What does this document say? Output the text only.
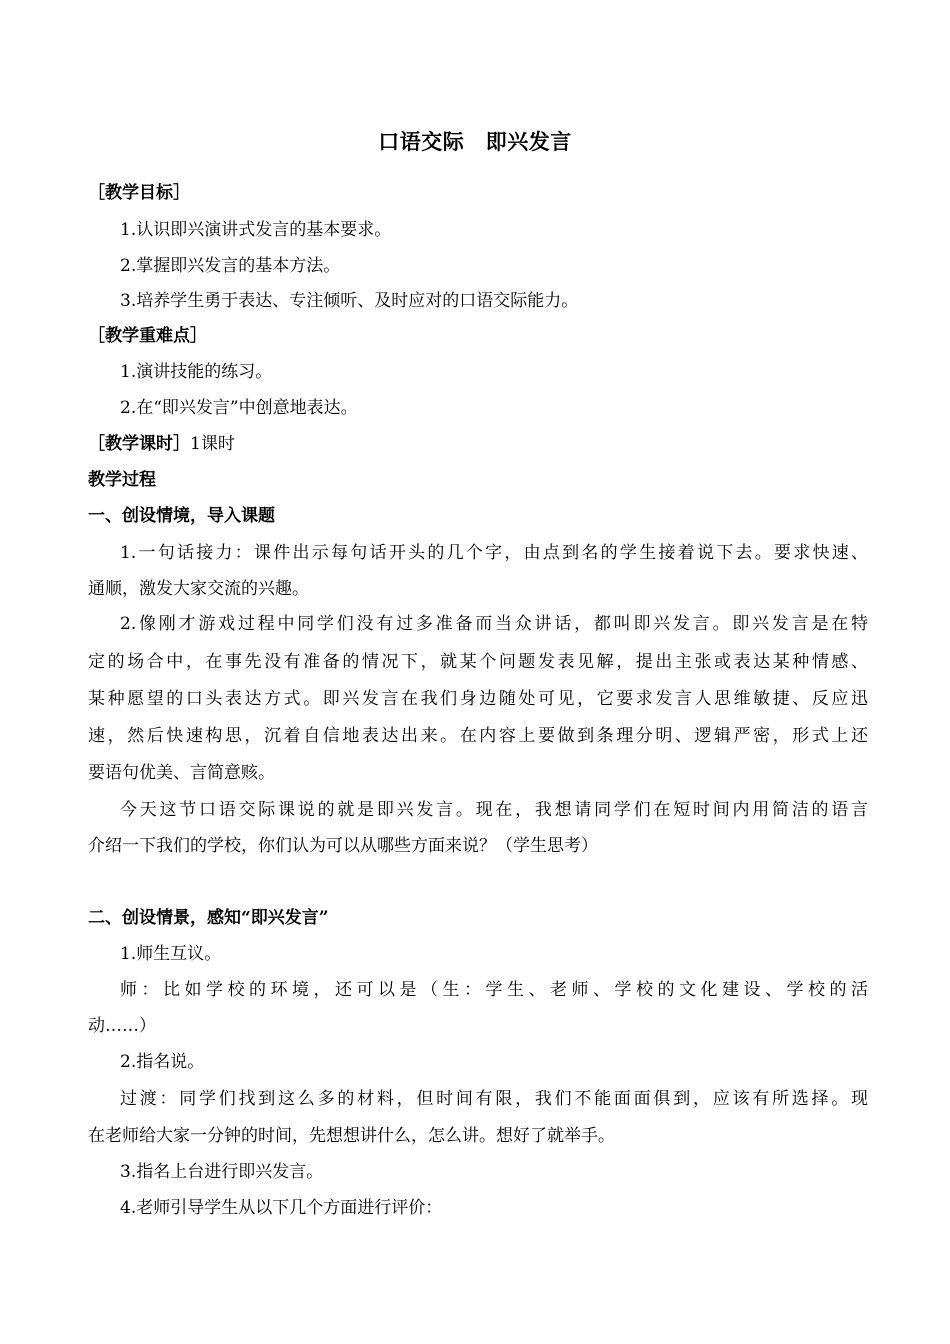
口语交际　即兴发言
［教学目标］
1.认识即兴演讲式发言的基本要求。
2.掌握即兴发言的基本方法。
3.培养学生勇于表达、专注倾听、及时应对的口语交际能力。
［教学重难点］
1.演讲技能的练习。
2.在“即兴发言”中创意地表达。
［教学课时］1课时
教学过程
一、创设情境，导入课题
1.一句话接力：课件出示每句话开头的几个字，由点到名的学生接着说下去。要求快速、
通顺，激发大家交流的兴趣。
2.像刚才游戏过程中同学们没有过多准备而当众讲话，都叫即兴发言。即兴发言是在特
定的场合中，在事先没有准备的情况下，就某个问题发表见解，提出主张或表达某种情感、
某种愿望的口头表达方式。即兴发言在我们身边随处可见，它要求发言人思维敏捷、反应迅
速，然后快速构思，沉着自信地表达出来。在内容上要做到条理分明、逻辑严密，形式上还
要语句优美、言简意赅。
今天这节口语交际课说的就是即兴发言。现在，我想请同学们在短时间内用简洁的语言
介绍一下我们的学校，你们认为可以从哪些方面来说？（学生思考）
二、创设情景，感知“即兴发言”
1.师生互议。
师：比如学校的环境，还可以是（生：学生、老师、学校的文化建设、学校的活
动……）
2.指名说。
过渡：同学们找到这么多的材料，但时间有限，我们不能面面俱到，应该有所选择。现
在老师给大家一分钟的时间，先想想讲什么，怎么讲。想好了就举手。
3.指名上台进行即兴发言。
4.老师引导学生从以下几个方面进行评价：
